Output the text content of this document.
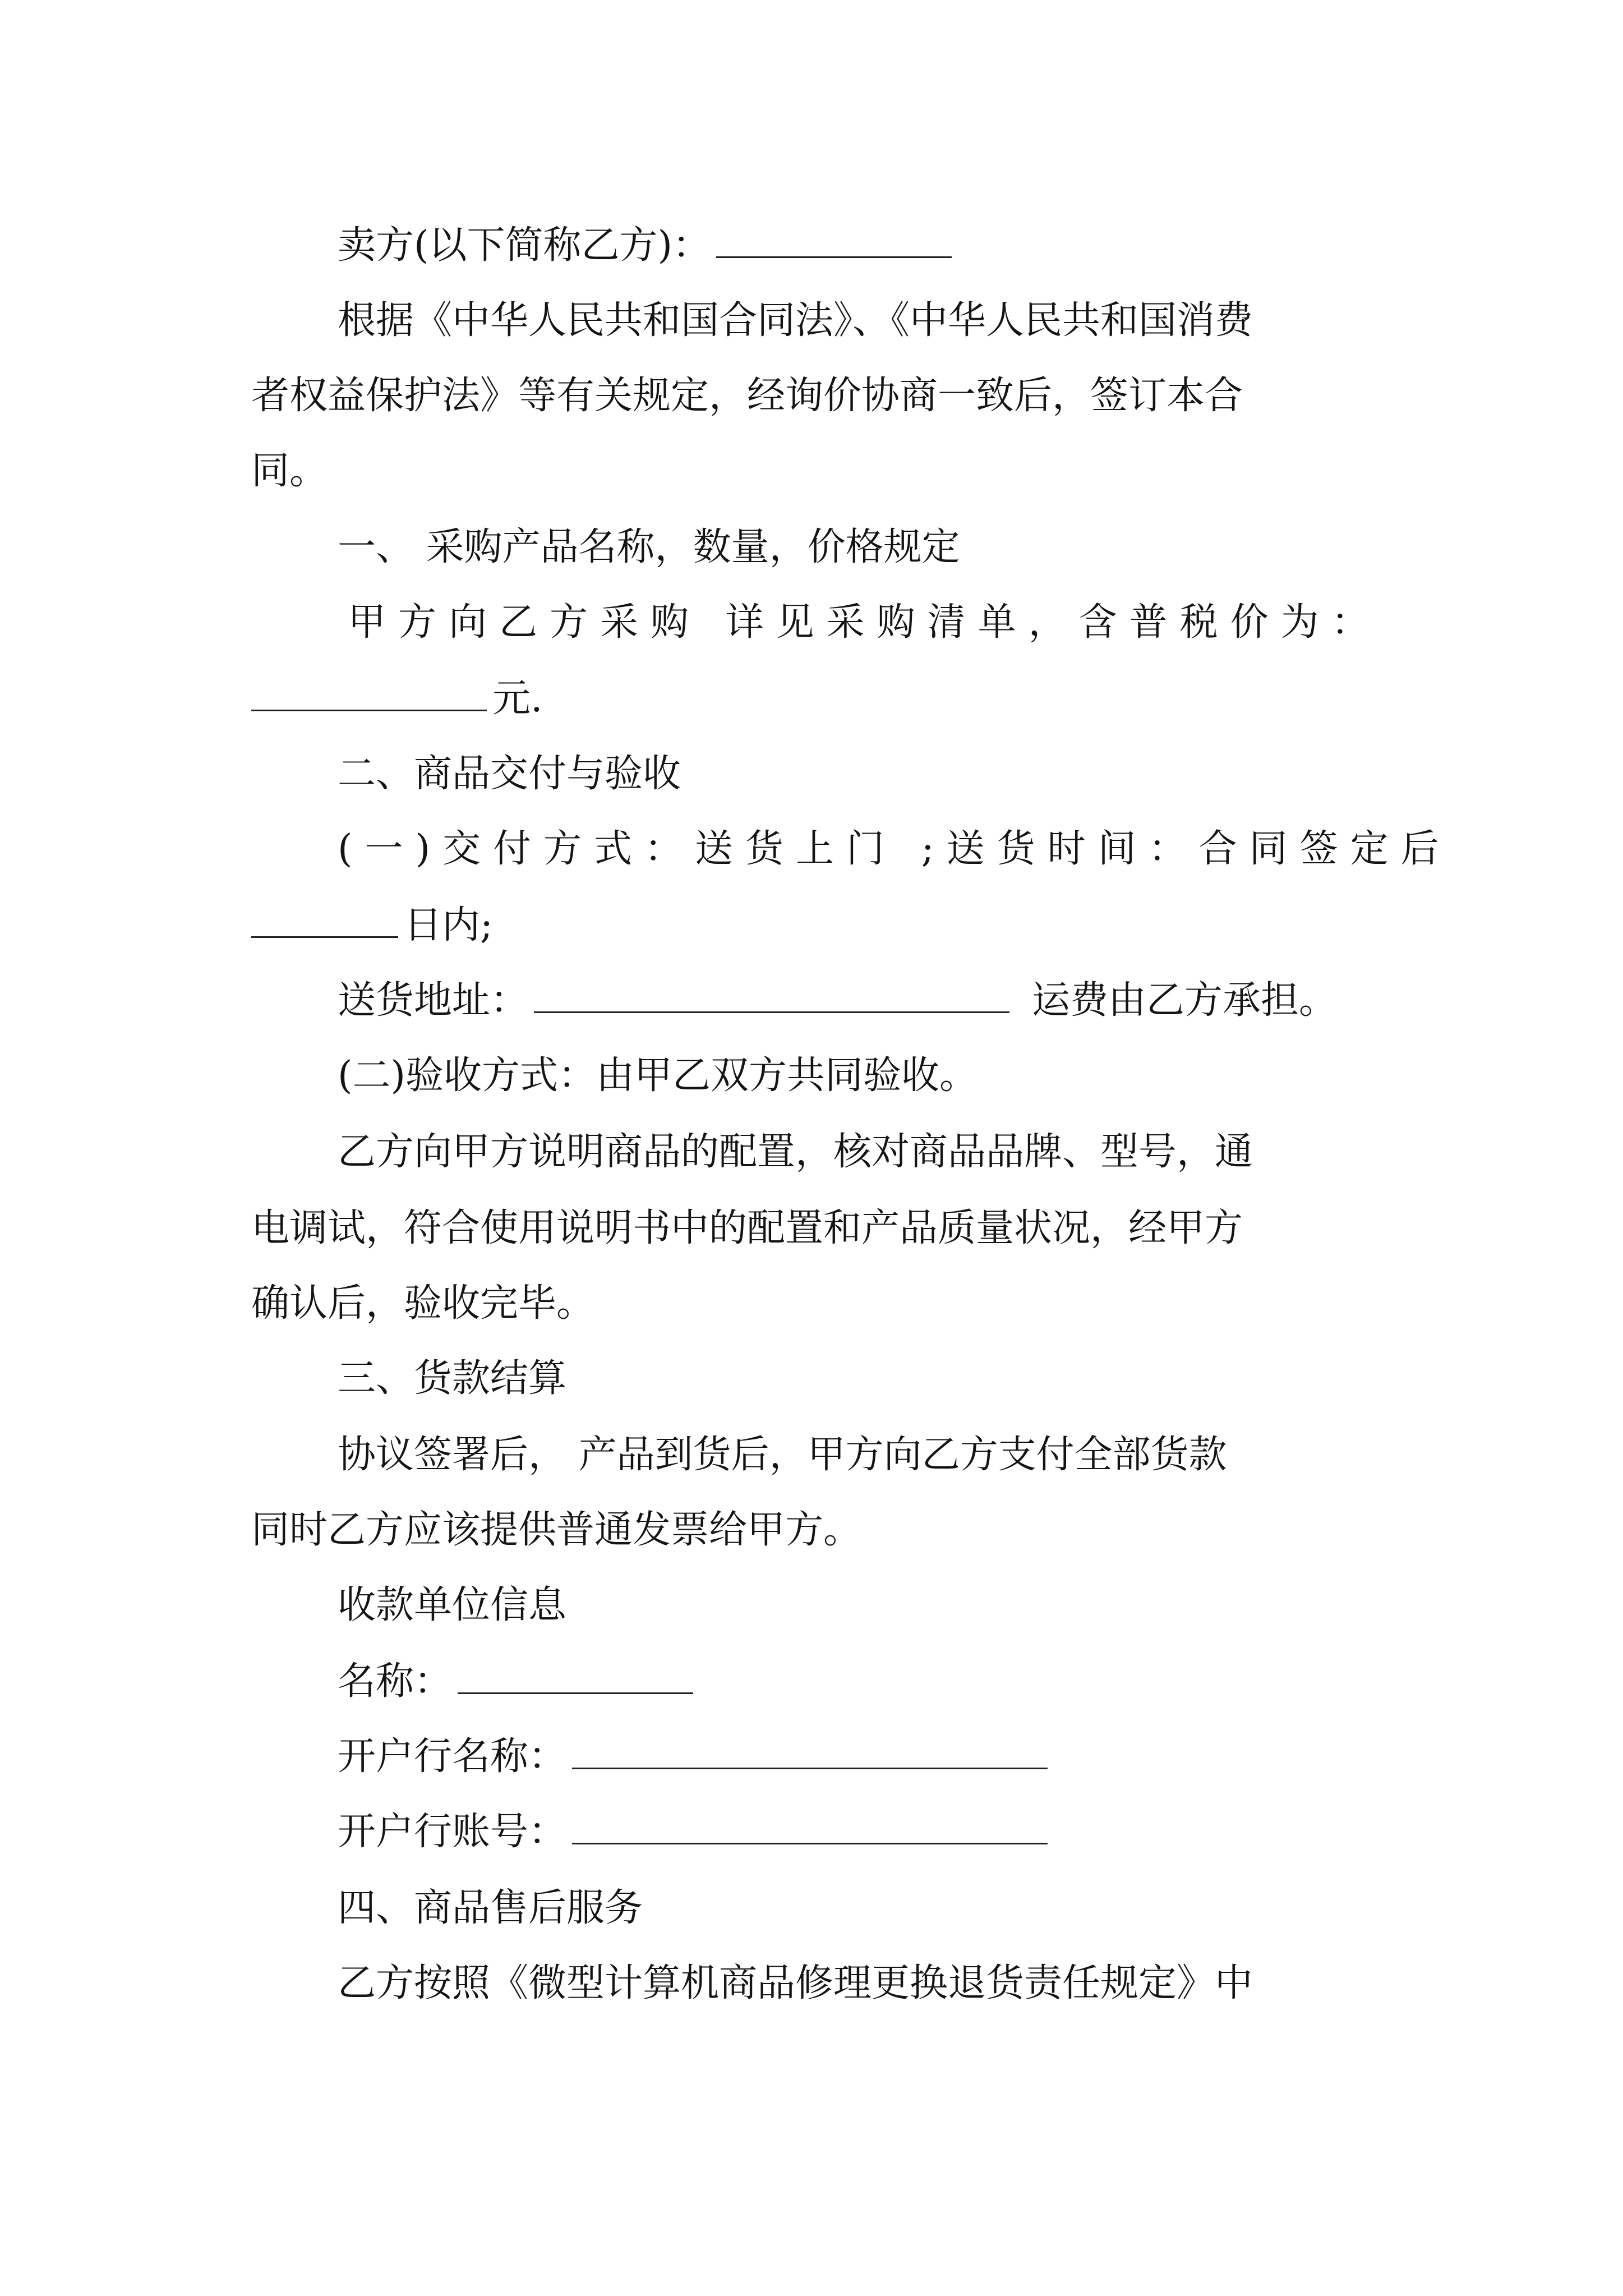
卖方(以下简称乙方)：
根据《中华人民共和国合同法》、《中华人民共和国消费
者权益保护法》等有关规定，经询价协商一致后，签订本合
同。
一、 采购产品名称，数量，价格规定
甲方向乙方采购 详见采购清单，含普税价为：
元.
二、商品交付与验收
(一)交付方式：送货上门 ;送货时间：合同签定后
日内;
送货地址：	运费由乙方承担。
(二)验收方式：由甲乙双方共同验收。
乙方向甲方说明商品的配置，核对商品品牌、型号，通
电调试，符合使用说明书中的配置和产品质量状况，经甲方
确认后，验收完毕。
三、货款结算
协议签署后， 产品到货后，甲方向乙方支付全部货款
同时乙方应该提供普通发票给甲方。
收款单位信息
名称：
开户行名称：
开户行账号：
四、商品售后服务
乙方按照《微型计算机商品修理更换退货责任规定》中
